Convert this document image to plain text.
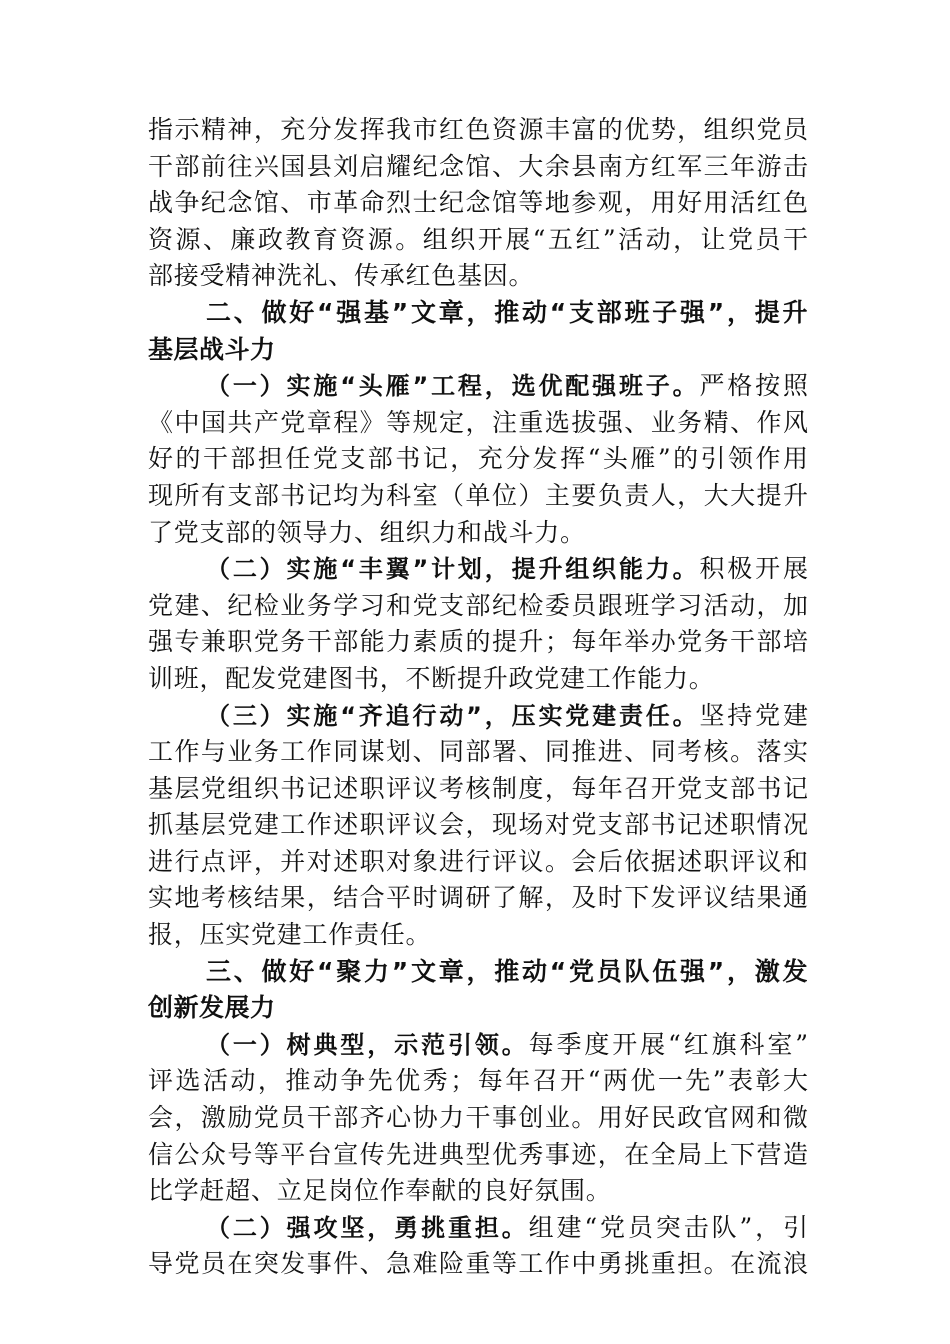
指示精神，充分发挥我市红色资源丰富的优势，组织党员
干部前往兴国县刘启耀纪念馆、大余县南方红军三年游击
战争纪念馆、市革命烈士纪念馆等地参观，用好用活红色
资源、廉政教育资源。组织开展“五红”活动，让党员干
部接受精神洗礼、传承红色基因。
二、做好“强基”文章，推动“支部班子强”，提升
基层战斗力
（一）实施“头雁”工程，选优配强班子。严格按照
《中国共产党章程》等规定，注重选拔强、业务精、作风
好的干部担任党支部书记，充分发挥“头雁”的引领作用
现所有支部书记均为科室（单位）主要负责人，大大提升
了党支部的领导力、组织力和战斗力。
（二）实施“丰翼”计划，提升组织能力。积极开展
党建、纪检业务学习和党支部纪检委员跟班学习活动，加
强专兼职党务干部能力素质的提升；每年举办党务干部培
训班，配发党建图书，不断提升政党建工作能力。
（三）实施“齐追行动”，压实党建责任。坚持党建
工作与业务工作同谋划、同部署、同推进、同考核。落实
基层党组织书记述职评议考核制度，每年召开党支部书记
抓基层党建工作述职评议会，现场对党支部书记述职情况
进行点评，并对述职对象进行评议。会后依据述职评议和
实地考核结果，结合平时调研了解，及时下发评议结果通
报，压实党建工作责任。
三、做好“聚力”文章，推动“党员队伍强”，激发
创新发展力
（一）树典型，示范引领。每季度开展“红旗科室”
评选活动，推动争先优秀；每年召开“两优一先”表彰大
会，激励党员干部齐心协力干事创业。用好民政官网和微
信公众号等平台宣传先进典型优秀事迹，在全局上下营造
比学赶超、立足岗位作奉献的良好氛围。
（二）强攻坚，勇挑重担。组建“党员突击队”，引
导党员在突发事件、急难险重等工作中勇挑重担。在流浪
